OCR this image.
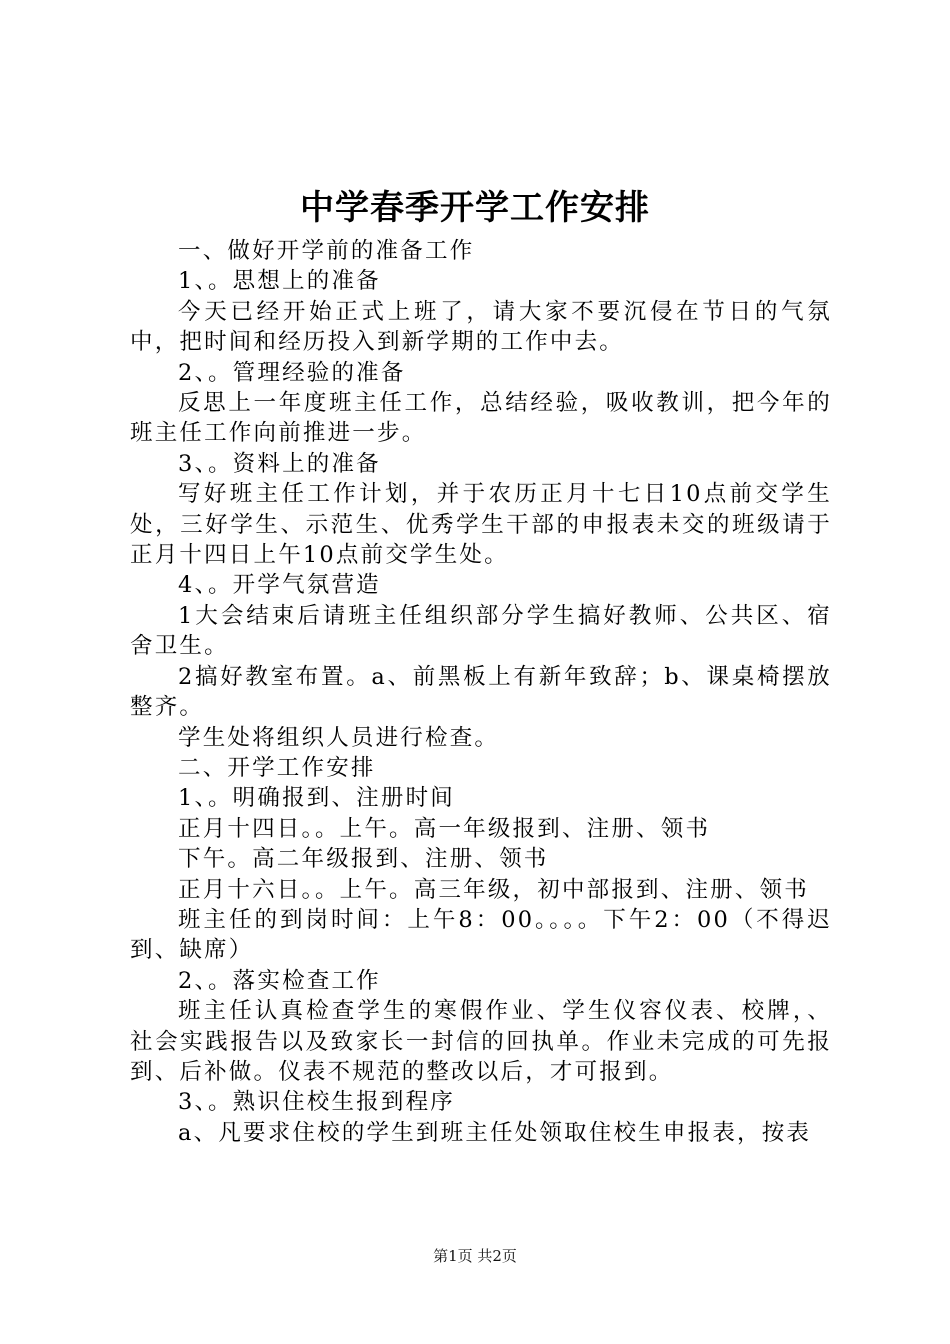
中学春季开学工作安排

一、做好开学前的准备工作

1、。思想上的准备

今天已经开始正式上班了，请大家不要沉侵在节日的气氛中，把时间和经历投入到新学期的工作中去。

2、。管理经验的准备

反思上一年度班主任工作，总结经验，吸收教训，把今年的班主任工作向前推进一步。

3、。资料上的准备

写好班主任工作计划，并于农历正月十七日10点前交学生处，三好学生、示范生、优秀学生干部的申报表未交的班级请于正月十四日上午10点前交学生处。

4、。开学气氛营造

1大会结束后请班主任组织部分学生搞好教师、公共区、宿舍卫生。

2搞好教室布置。a、前黑板上有新年致辞；b、课桌椅摆放整齐。

学生处将组织人员进行检查。

二、开学工作安排

1、。明确报到、注册时间

正月十四日。。上午。高一年级报到、注册、领书

下午。高二年级报到、注册、领书

正月十六日。。上午。高三年级，初中部报到、注册、领书

班主任的到岗时间：上午8：00。。。。下午2：00（不得迟到、缺席）

2、。落实检查工作

班主任认真检查学生的寒假作业、学生仪容仪表、校牌，、社会实践报告以及致家长一封信的回执单。作业未完成的可先报到、后补做。仪表不规范的整改以后，才可报到。

3、。熟识住校生报到程序

a、凡要求住校的学生到班主任处领取住校生申报表，按表

第1页 共2页
